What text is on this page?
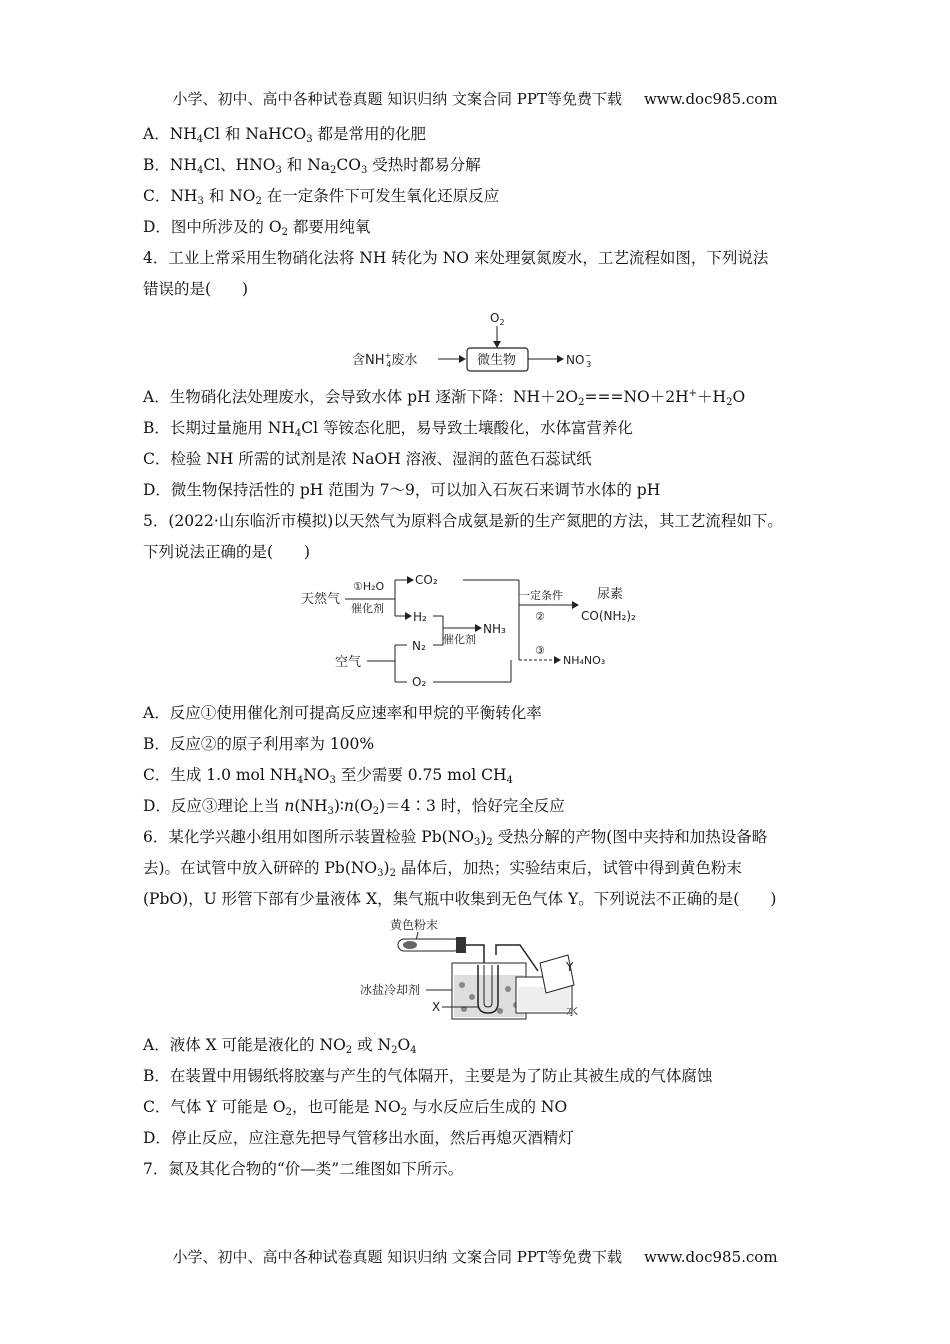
小学、初中、高中各种试卷真题 知识归纳 文案合同 PPT等免费下载 www.doc985.com
A．$NH_4Cl$ 和 NaHCO$_3$ 都是常用的化肥
B．$NH_4Cl$、$HNO_3$ 和 $Na_2CO_3$ 受热时都易分解
C．$NH_3$ 和 $NO_2$ 在一定条件下可发生氧化还原反应
D．图中所涉及的 $O_2$ 都要用纯氧
4．工业上常采用生物硝化法将 NH 转化为 NO 来处理氨氮废水，工艺流程如图，下列说法
错误的是(　　)
$O_2$
含NH+ 4废水	微生物	NO− 3
A．生物硝化法处理废水，会导致水体 pH 逐渐下降：$NH+2O_2===NO+2H^++H_2O$
B．长期过量施用 $NH_4Cl$ 等铵态化肥，易导致土壤酸化，水体富营养化
C．检验 NH 所需的试剂是浓 NaOH 溶液、湿润的蓝色石蕊试纸
D．微生物保持活性的 pH 范围为 7～9，可以加入石灰石来调节水体的 pH
5．(2022·山东临沂市模拟)以天然气为原料合成氨是新的生产氮肥的方法，其工艺流程如下。
下列说法正确的是(　　)
天然气
①H₂O
催化剂
CO₂
H₂
N₂ 催化剂
NH₃
一定条件
②
尿素
CO(NH₂)₂
③
NH₄NO₃
空气
O₂
A．反应①使用催化剂可提高反应速率和甲烷的平衡转化率
B．反应②的原子利用率为 100%
C．生成 1.0 mol $NH_4NO_3$ 至少需要 0.75 mol $CH_4$
D．反应③理论上当 $n(NH_3)∶n(O_2)=4∶3$ 时，恰好完全反应
6．某化学兴趣小组用如图所示装置检验 $Pb(NO_3)_2$ 受热分解的产物(图中夹持和加热设备略
去)。在试管中放入研碎的 $Pb(NO_3)_2$ 晶体后，加热；实验结束后，试管中得到黄色粉末
(PbO)，U 形管下部有少量液体 X，集气瓶中收集到无色气体 Y。下列说法不正确的是(　　)
黄色粉末
冰盐冷却剂
X
Y
水
A．液体 X 可能是液化的 $NO_2$ 或 $N_2O_4$
B．在装置中用锡纸将胶塞与产生的气体隔开，主要是为了防止其被生成的气体腐蚀
C．气体 Y 可能是 $O_2$，也可能是 $NO_2$ 与水反应后生成的 NO
D．停止反应，应注意先把导气管移出水面，然后再熄灭酒精灯
7．氮及其化合物的“价—类”二维图如下所示。
小学、初中、高中各种试卷真题 知识归纳 文案合同 PPT等免费下载 www.doc985.com
